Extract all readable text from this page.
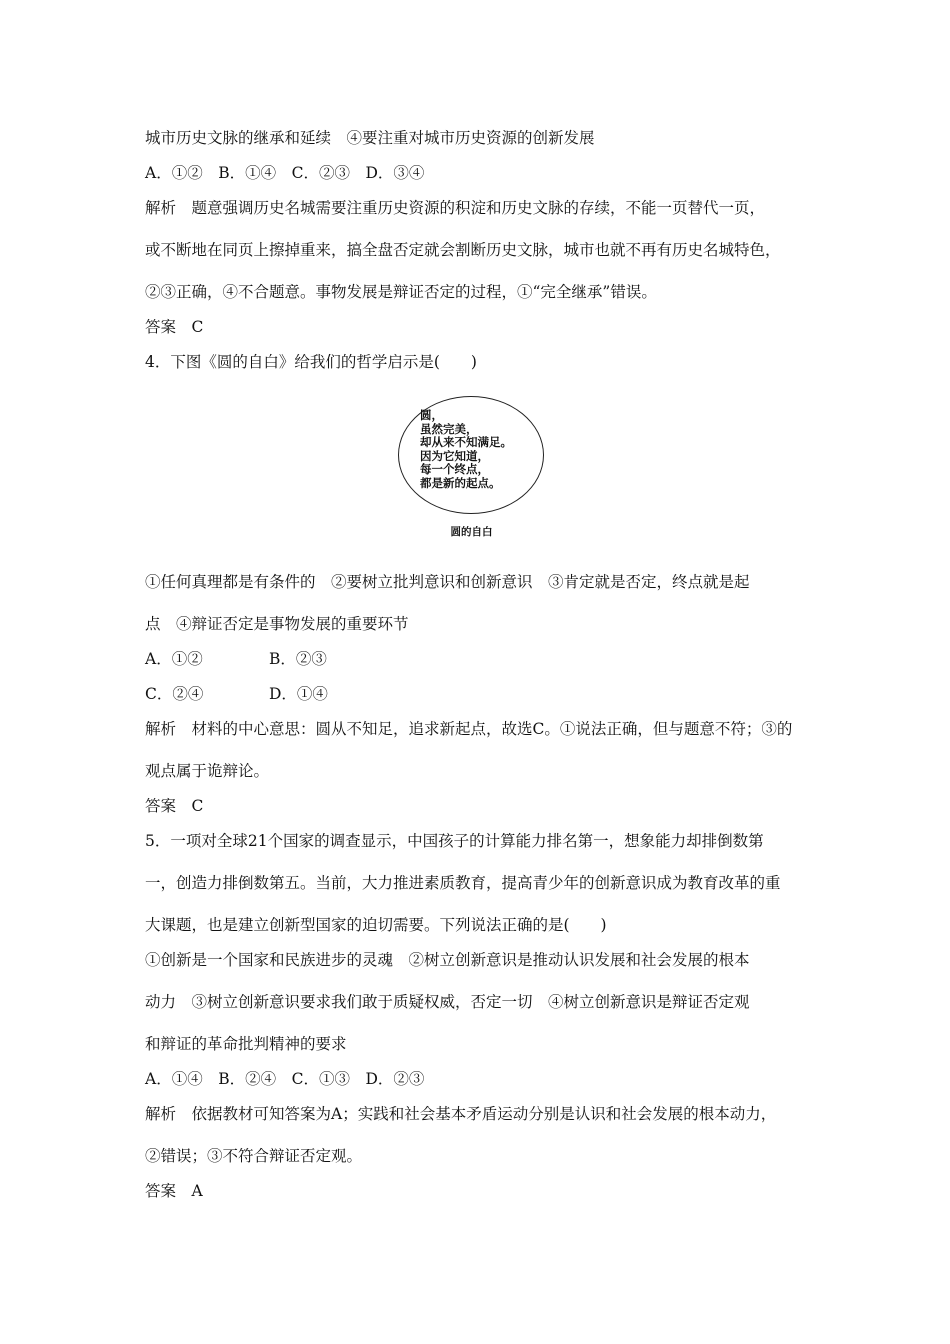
城市历史文脉的继承和延续　④要注重对城市历史资源的创新发展
A．①②　B．①④　C．②③　D．③④
解析　题意强调历史名城需要注重历史资源的积淀和历史文脉的存续，不能一页替代一页，
或不断地在同页上擦掉重来，搞全盘否定就会割断历史文脉，城市也就不再有历史名城特色，
②③正确，④不合题意。事物发展是辩证否定的过程，①“完全继承”错误。
答案　C
4．下图《圆的自白》给我们的哲学启示是(　　)
圆，
虽然完美，
却从来不知满足。
因为它知道，
每一个终点，
都是新的起点。
圆的自白
①任何真理都是有条件的　②要树立批判意识和创新意识　③肯定就是否定，终点就是起
点　④辩证否定是事物发展的重要环节
A．①②	B．②③
C．②④	D．①④
解析　材料的中心意思：圆从不知足，追求新起点，故选C。①说法正确，但与题意不符；③的
观点属于诡辩论。
答案　C
5．一项对全球21个国家的调查显示，中国孩子的计算能力排名第一，想象能力却排倒数第
一，创造力排倒数第五。当前，大力推进素质教育，提高青少年的创新意识成为教育改革的重
大课题，也是建立创新型国家的迫切需要。下列说法正确的是(　　)
①创新是一个国家和民族进步的灵魂　②树立创新意识是推动认识发展和社会发展的根本
动力　③树立创新意识要求我们敢于质疑权威，否定一切　④树立创新意识是辩证否定观
和辩证的革命批判精神的要求
A．①④　B．②④　C．①③　D．②③
解析　依据教材可知答案为A；实践和社会基本矛盾运动分别是认识和社会发展的根本动力，
②错误；③不符合辩证否定观。
答案　A
